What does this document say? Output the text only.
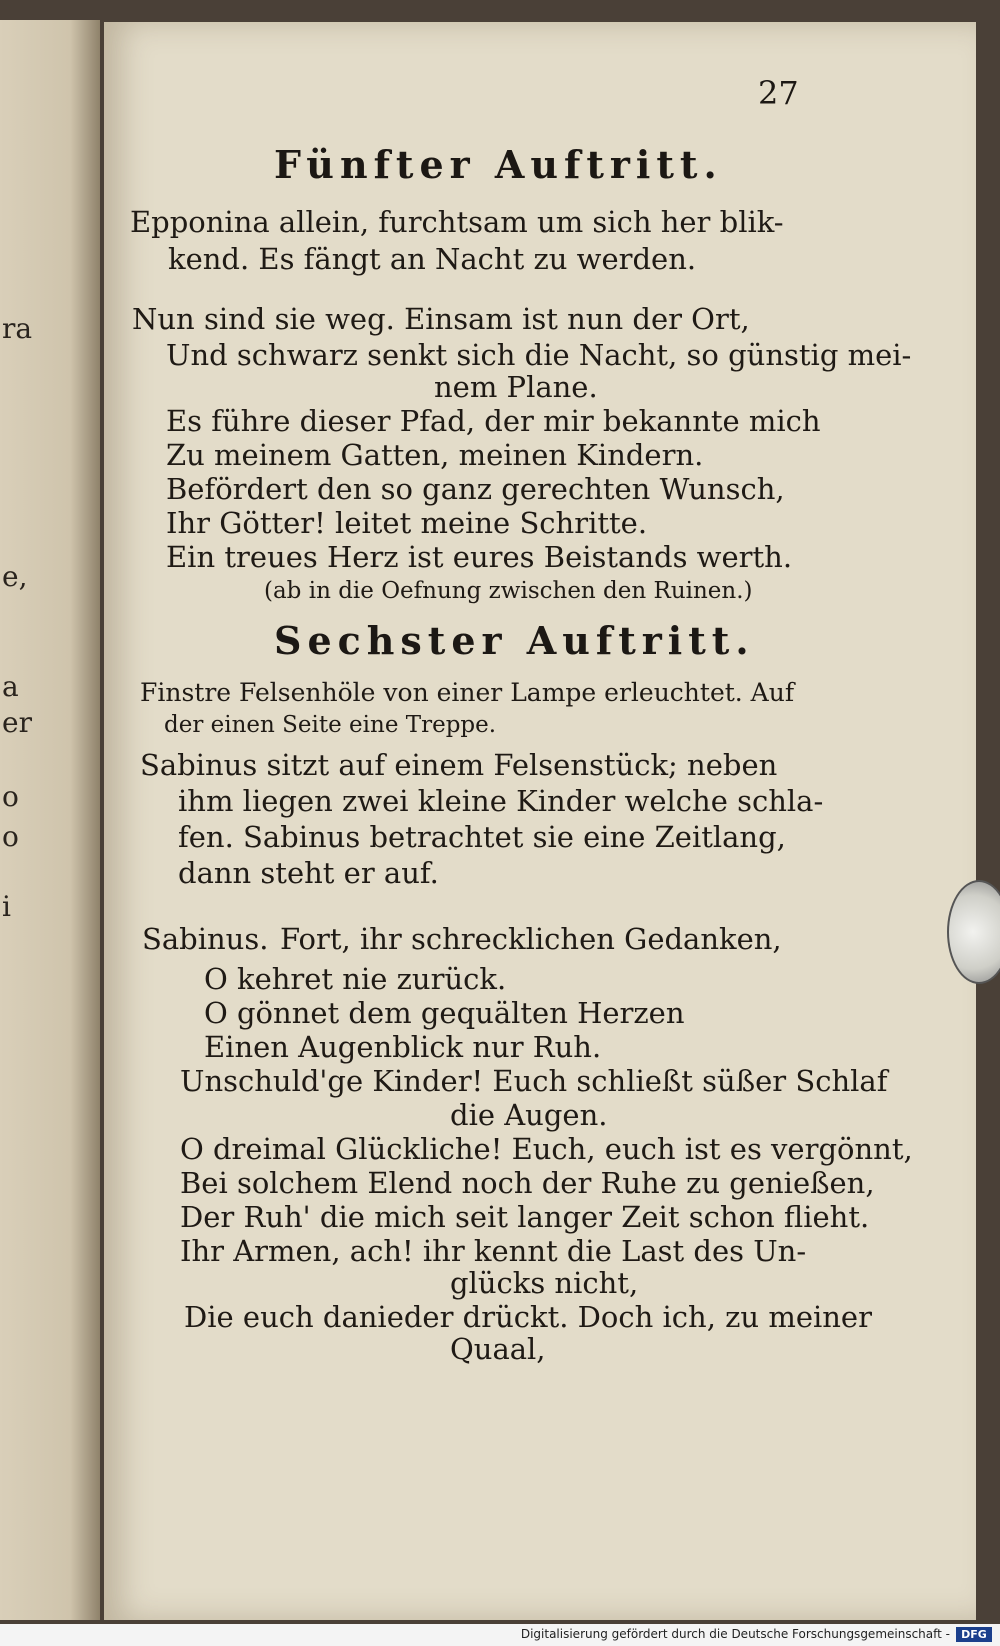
ra
e,
a
er
o
o
i
27
Fünfter Auftritt.
Epponina allein, furchtsam um sich her blik-
kend. Es fängt an Nacht zu werden.
Nun sind sie weg. Einsam ist nun der Ort,
Und schwarz senkt sich die Nacht, so günstig mei-
nem Plane.
Es führe dieser Pfad, der mir bekannte mich
Zu meinem Gatten, meinen Kindern.
Befördert den so ganz gerechten Wunsch,
Ihr Götter! leitet meine Schritte.
Ein treues Herz ist eures Beistands werth.
(ab in die Oefnung zwischen den Ruinen.)
Sechster Auftritt.
Finstre Felsenhöle von einer Lampe erleuchtet. Auf
der einen Seite eine Treppe.
Sabinus sitzt auf einem Felsenstück; neben
ihm liegen zwei kleine Kinder welche schla-
fen. Sabinus betrachtet sie eine Zeitlang,
dann steht er auf.
Sabinus. Fort, ihr schrecklichen Gedanken,
O kehret nie zurück.
O gönnet dem gequälten Herzen
Einen Augenblick nur Ruh.
Unschuld'ge Kinder! Euch schließt süßer Schlaf
die Augen.
O dreimal Glückliche! Euch, euch ist es vergönnt,
Bei solchem Elend noch der Ruhe zu genießen,
Der Ruh' die mich seit langer Zeit schon flieht.
Ihr Armen, ach! ihr kennt die Last des Un-
glücks nicht,
Die euch danieder drückt. Doch ich, zu meiner
Quaal,
Digitalisierung gefördert durch die Deutsche Forschungsgemeinschaft -	DFG
